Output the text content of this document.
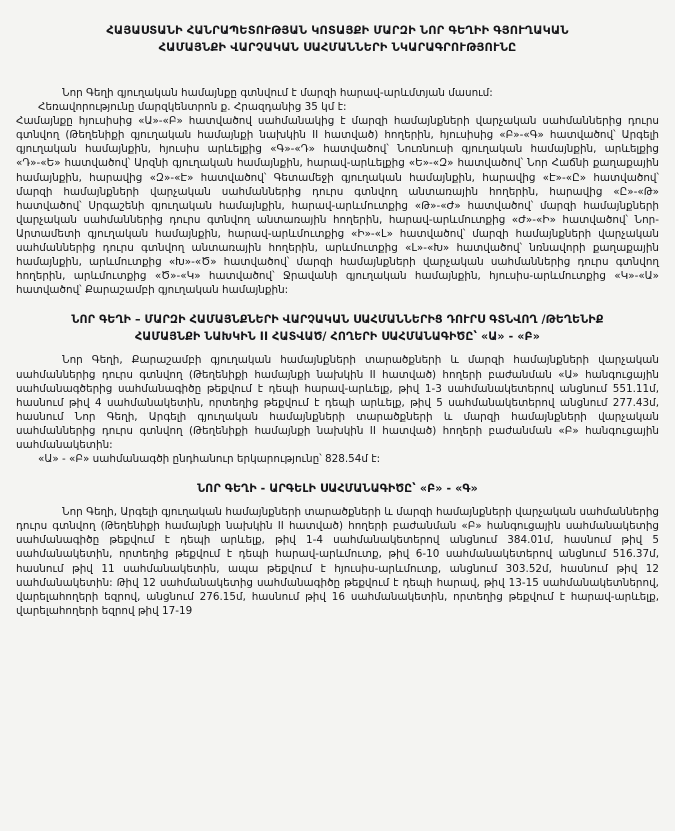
ՀԱՅԱՍՏԱՆԻ ՀԱՆՐԱՊԵՏՈՒԹՅԱՆ ԿՈՏԱՅՔԻ ՄԱՐԶԻ ՆՈՐ ԳԵՂԻԻ ԳՅՈՒՂԱԿԱՆ
ՀԱՄԱՅՆՔԻ ՎԱՐՉԱԿԱՆ ՍԱՀՄԱՆՆԵՐԻ ՆԿԱՐԱԳՐՈՒԹՅՈՒՆԸ

Նոր Գեղի գյուղական համայնքը գտնվում է մարզի հարավ-արևմտյան մասում:

Հեռավորությունը մարզկենտրոն ք. Հրազդանից 35 կմ է:

Համայնքը հյուսիսից «Ա»-«Բ» հատվածով սահմանակից է մարզի համայնքների վարչական սահմաններից դուրս գտնվող (Թեղենիքի գյուղական համայնքի նախկին II հատված) հողերին, հյուսիսից «Բ»-«Գ» հատվածով՝ Արգելի գյուղական համայնքին, հյուսիս արևելքից «Գ»-«Դ» հատվածով՝ Նուռնուսի գյուղական համայնքին, արևելքից «Դ»-«Ե» հատվածով՝ Արզնի գյուղական համայնքին, հարավ-արևելքից «Ե»-«Զ» հատվածով՝ Նոր Հաճնի քաղաքային համայնքին, հարավից «Զ»-«Է» հատվածով՝ Գետամեջի գյուղական համայնքին, հարավից «Է»-«Ը» հատվածով՝ մարզի համայնքների վարչական սահմաններից դուրս գտնվող անտառային հողերին, հարավից «Ը»-«Թ» հատվածով՝ Սրգաշենի գյուղական համայնքին, հարավ-արևմուտքից «Թ»-«Ժ» հատվածով՝ մարզի համայնքների վարչական սահմաններից դուրս գտնվող անտառային հողերին, հարավ-արևմուտքից «Ժ»-«Ի» հատվածով՝ Նոր-Արտամետի գյուղական համայնքին, հարավ-արևմուտքից «Ի»-«Լ» հատվածով՝ մարզի համայնքների վարչական սահմաններից դուրս գտնվող անտառային հողերին, արևմուտքից «Լ»-«Խ» հատվածով՝ նռնավորի քաղաքային համայնքին, արևմուտքից «Խ»-«Ծ» հատվածով՝ մարզի համայնքների վարչական սահմաններից դուրս գտնվող հողերին, արևմուտքից «Ծ»-«Կ» հատվածով՝ Ջրավանի գյուղական համայնքին, հյուսիս-արևմուտքից «Կ»-«Ա» հատվածով՝ Քարաշամբի գյուղական համայնքին:

ՆՈՐ ԳԵՂԻ – ՄԱՐԶԻ ՀԱՄԱՅՆՔՆԵՐԻ ՎԱՐՉԱԿԱՆ ՍԱՀՄԱՆՆԵՐԻՑ ԴՈՒՐՍ ԳՏՆՎՈՂ /ԹԵՂԵՆԻՔ
ՀԱՄԱՅՆՔԻ ՆԱԽԿԻՆ II ՀԱՏՎԱԾ/ ՀՈՂԵՐԻ ՍԱՀՄԱՆԱԳԻԾԸ՝ «Ա» - «Բ»

Նոր Գեղի, Քարաշամբի գյուղական համայնքների տարածքների և մարզի համայնքների վարչական սահմաններից դուրս գտնվող (Թեղենիքի համայնքի նախկին II հատված) հողերի բաժանման «Ա» հանգուցային սահմանագծերից սահմանագիծը թեքվում է դեպի հարավ-արևելք, թիվ 1-3 սահմանակետերով անցնում 551.11մ, հասնում թիվ 4 սահմանակետին, որտեղից թեքվում է դեպի արևելք, թիվ 5 սահմանակետերով անցնում 277.43մ, հասնում Նոր Գեղի, Արգելի գյուղական համայնքների տարածքների և մարզի համայնքների վարչական սահմաններից դուրս գտնվող (Թեղենիքի համայնքի նախկին II հատված) հողերի բաժանման «Բ» հանգուցային սահմանակետին:

«Ա» - «Բ» սահմանագծի ընդհանուր երկարությունը՝ 828.54մ է:

ՆՈՐ ԳԵՂԻ - ԱՐԳԵԼԻ ՍԱՀՄԱՆԱԳԻԾԸ՝ «Բ» - «Գ»

Նոր Գեղի, Արգելի գյուղական համայնքների տարածքների և մարզի համայնքների վարչական սահմաններից դուրս գտնվող (Թեղենիքի համայնքի նախկին II հատված) հողերի բաժանման «Բ» հանգուցային սահմանակետից սահմանագիծը թեքվում է դեպի արևելք, թիվ 1-4 սահմանակետերով անցնում 384.01մ, հասնում թիվ 5 սահմանակետին, որտեղից թեքվում է դեպի հարավ-արևմուտք, թիվ 6-10 սահմանակետերով անցնում 516.37մ, հասնում թիվ 11 սահմանակետին, ապա թեքվում է հյուսիս-արևմուտք, անցնում 303.52մ, հասնում թիվ 12 սահմանակետին: Թիվ 12 սահմանակետից սահմանագիծը թեքվում է դեպի հարավ, թիվ 13-15 սահմանակետներով, վարելահողերի եզրով, անցնում 276.15մ, հասնում թիվ 16 սահմանակետին, որտեղից թեքվում է հարավ-արևելք, վարելահողերի եզրով թիվ 17-19
